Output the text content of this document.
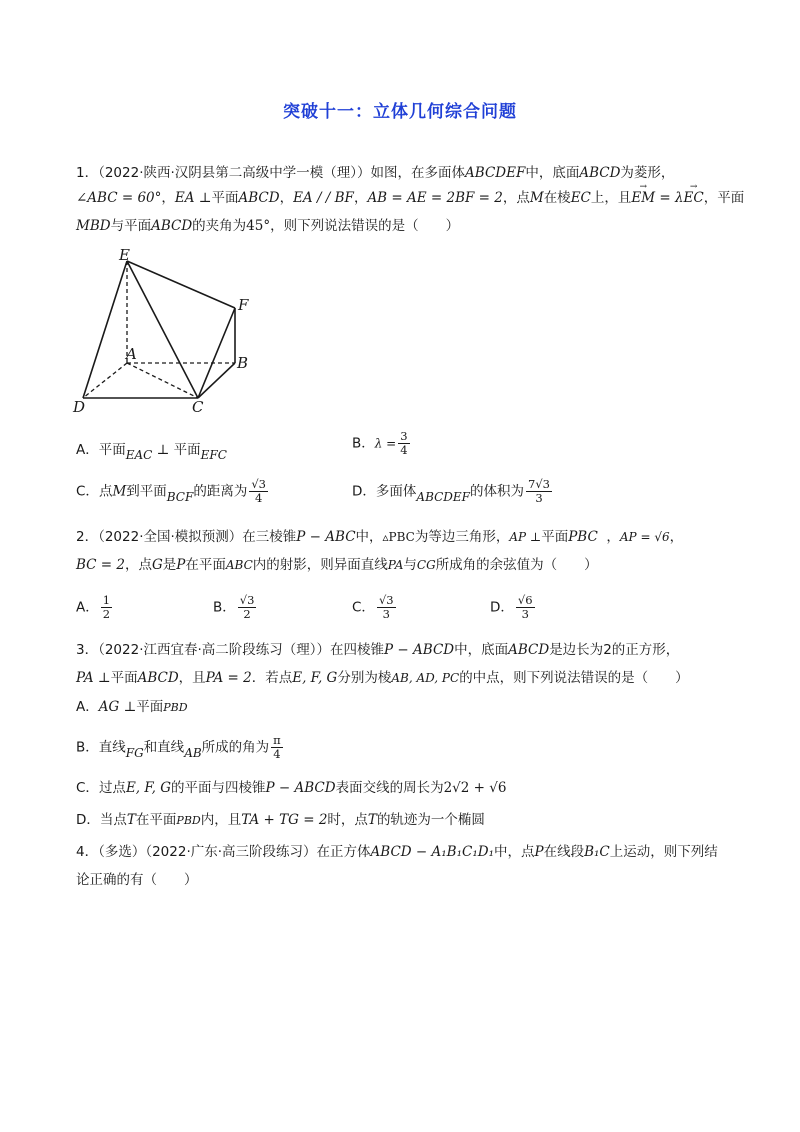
突破十一：立体几何综合问题
1．（2022·陕西·汉阴县第二高级中学一模（理））如图，在多面体ABCDEF中，底面ABCD为菱形，
∠ABC = 60°，EA ⊥平面ABCD，EA / / BF，AB = AE = 2BF = 2，点M在棱EC上，且→ EM = λ→ EC，平面
MBD与平面ABCD的夹角为45°，则下列说法错误的是（　　）
E
F
A	B
D	C
A．平面EAC ⊥ 平面EFC
B．$\lambda = \frac{3}{4}$
C．点M到平面BCF的距离为 $\frac{√3}{4}$	D．多面体ABCDEF的体积为 $\frac{7√3}{3}$
2．（2022·全国·模拟预测）在三棱锥P − ABC中，▵PBC为等边三角形，AP ⊥平面PBC  ，AP = √6，
BC = 2，点G是P在平面ABC内的射影，则异面直线PA与CG所成角的余弦值为（　　）
A． $\frac{1}{2}$	B． $\frac{√3}{2}$	C． $\frac{√3}{3}$	D． $\frac{√6}{3}$
3．（2022·江西宜春·高二阶段练习（理））在四棱锥P − ABCD中，底面ABCD是边长为2的正方形，
PA ⊥平面ABCD，且PA = 2．若点E, F, G分别为棱AB, AD, PC的中点，则下列说法错误的是（　　）
A．AG ⊥平面PBD
B．直线FG和直线AB所成的角为 $\frac{\pi}{4}$
C．过点E, F, G的平面与四棱锥P − ABCD表面交线的周长为2√2 + √6
D．当点T在平面PBD内，且TA + TG = 2时，点T的轨迹为一个椭圆
4．（多选）（2022·广东·高三阶段练习）在正方体ABCD − A₁B₁C₁D₁中，点P在线段B₁C上运动，则下列结
论正确的有（　　）
